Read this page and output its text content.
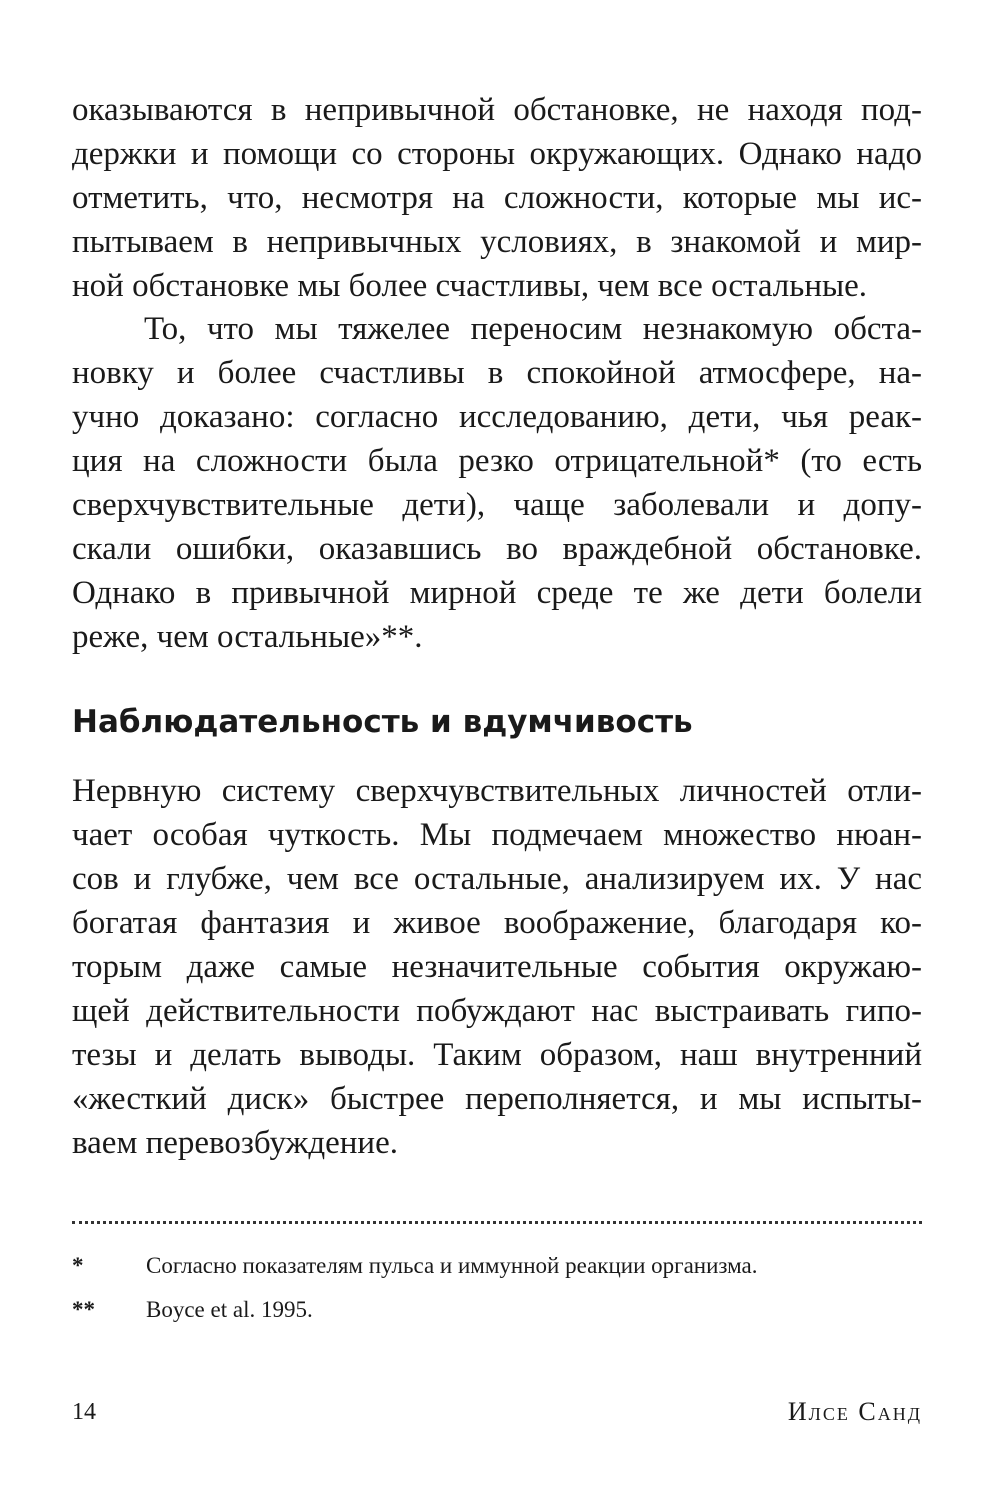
оказываются в непривычной обстановке, не находя под-
держки и помощи со стороны окружающих. Однако надо
отметить, что, несмотря на сложности, которые мы ис-
пытываем в непривычных условиях, в знакомой и мир-
ной обстановке мы более счастливы, чем все остальные.
То, что мы тяжелее переносим незнакомую обста-
новку и более счастливы в спокойной атмосфере, на-
учно доказано: согласно исследованию, дети, чья реак-
ция на сложности была резко отрицательной* (то есть
сверхчувствительные дети), чаще заболевали и допу-
скали ошибки, оказавшись во враждебной обстановке.
Однако в привычной мирной среде те же дети болели
реже, чем остальные»**.
Наблюдательность и вдумчивость
Нервную систему сверхчувствительных личностей отли-
чает особая чуткость. Мы подмечаем множество нюан-
сов и глубже, чем все остальные, анализируем их. У нас
богатая фантазия и живое воображение, благодаря ко-
торым даже самые незначительные события окружаю-
щей действительности побуждают нас выстраивать гипо-
тезы и делать выводы. Таким образом, наш внутренний
«жесткий диск» быстрее переполняется, и мы испыты-
ваем перевозбуждение.
*	Согласно показателям пульса и иммунной реакции организма.
** Boyce et al. 1995.
14	Илсе Санд
